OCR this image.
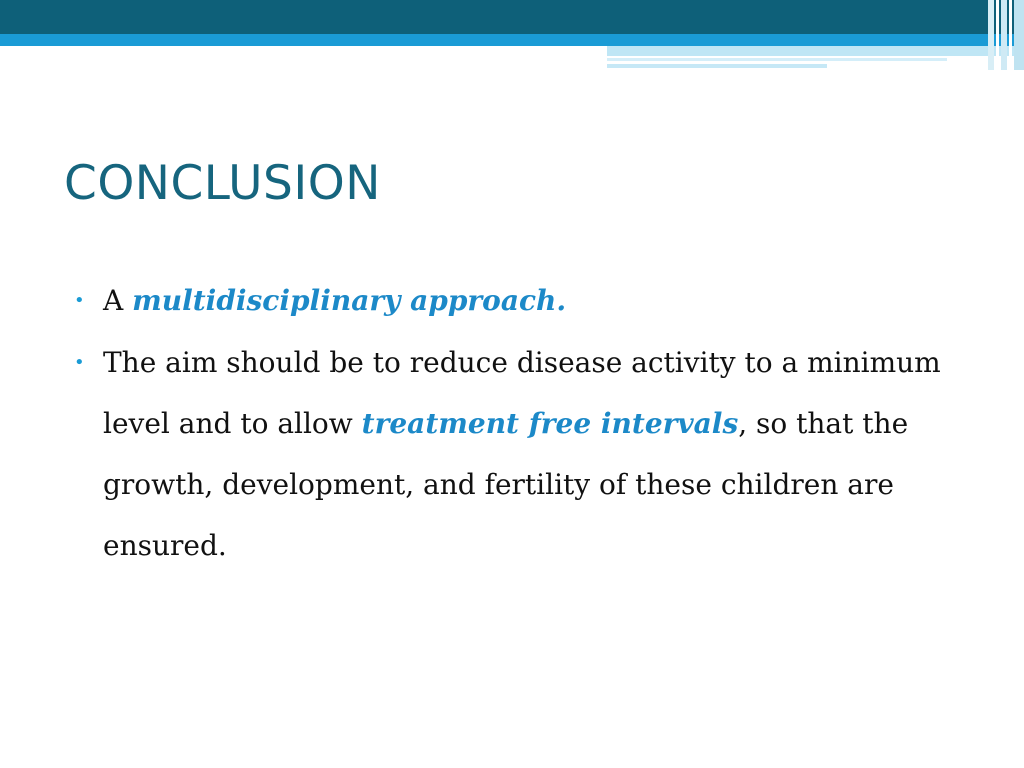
CONCLUSION
• A multidisciplinary approach.
• The aim should be to reduce disease activity to a minimum level and to allow treatment free intervals, so that the growth, development, and fertility of these children are ensured.
